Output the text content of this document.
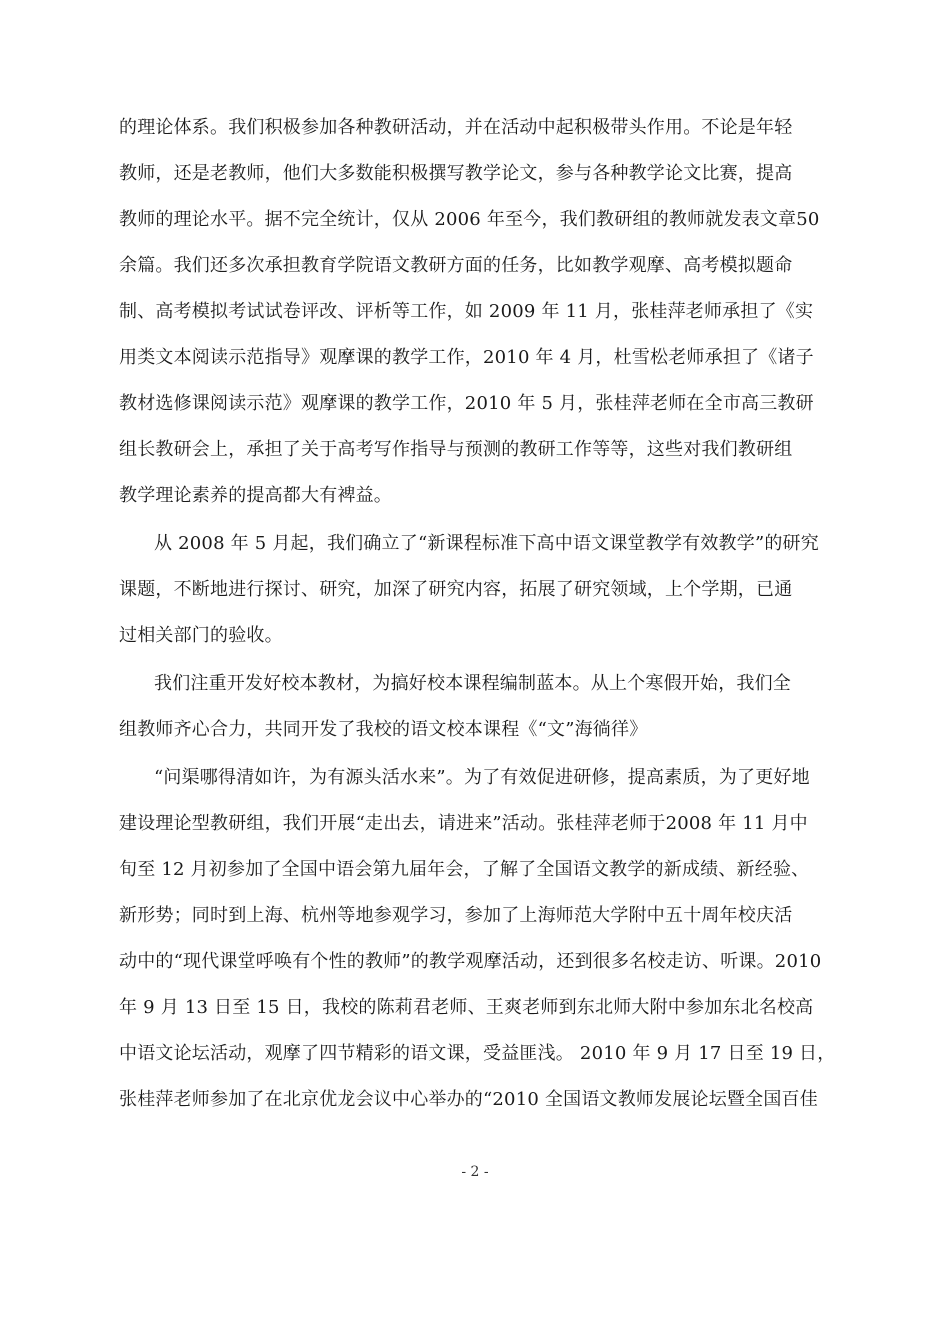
的理论体系。我们积极参加各种教研活动，并在活动中起积极带头作用。不论是年轻
教师，还是老教师，他们大多数能积极撰写教学论文，参与各种教学论文比赛，提高
教师的理论水平。据不完全统计，仅从 2006 年至今，我们教研组的教师就发表文章50
余篇。我们还多次承担教育学院语文教研方面的任务，比如教学观摩、高考模拟题命
制、高考模拟考试试卷评改、评析等工作，如 2009 年 11 月，张桂萍老师承担了《实
用类文本阅读示范指导》观摩课的教学工作，2010 年 4 月，杜雪松老师承担了《诸子
教材选修课阅读示范》观摩课的教学工作，2010 年 5 月，张桂萍老师在全市高三教研
组长教研会上，承担了关于高考写作指导与预测的教研工作等等，这些对我们教研组
教学理论素养的提高都大有裨益。
从 2008 年 5 月起，我们确立了“新课程标准下高中语文课堂教学有效教学”的研究
课题，不断地进行探讨、研究，加深了研究内容，拓展了研究领域，上个学期，已通
过相关部门的验收。
我们注重开发好校本教材，为搞好校本课程编制蓝本。从上个寒假开始，我们全
组教师齐心合力，共同开发了我校的语文校本课程《“文”海徜徉》
“问渠哪得清如许，为有源头活水来”。为了有效促进研修，提高素质，为了更好地
建设理论型教研组，我们开展“走出去，请进来”活动。张桂萍老师于2008 年 11 月中
旬至 12 月初参加了全国中语会第九届年会，了解了全国语文教学的新成绩、新经验、
新形势；同时到上海、杭州等地参观学习，参加了上海师范大学附中五十周年校庆活
动中的“现代课堂呼唤有个性的教师”的教学观摩活动，还到很多名校走访、听课。2010
年 9 月 13 日至 15 日，我校的陈莉君老师、王爽老师到东北师大附中参加东北名校高
中语文论坛活动，观摩了四节精彩的语文课，受益匪浅。 2010 年 9 月 17 日至 19 日，
张桂萍老师参加了在北京优龙会议中心举办的“2010 全国语文教师发展论坛暨全国百佳
- 2 -
